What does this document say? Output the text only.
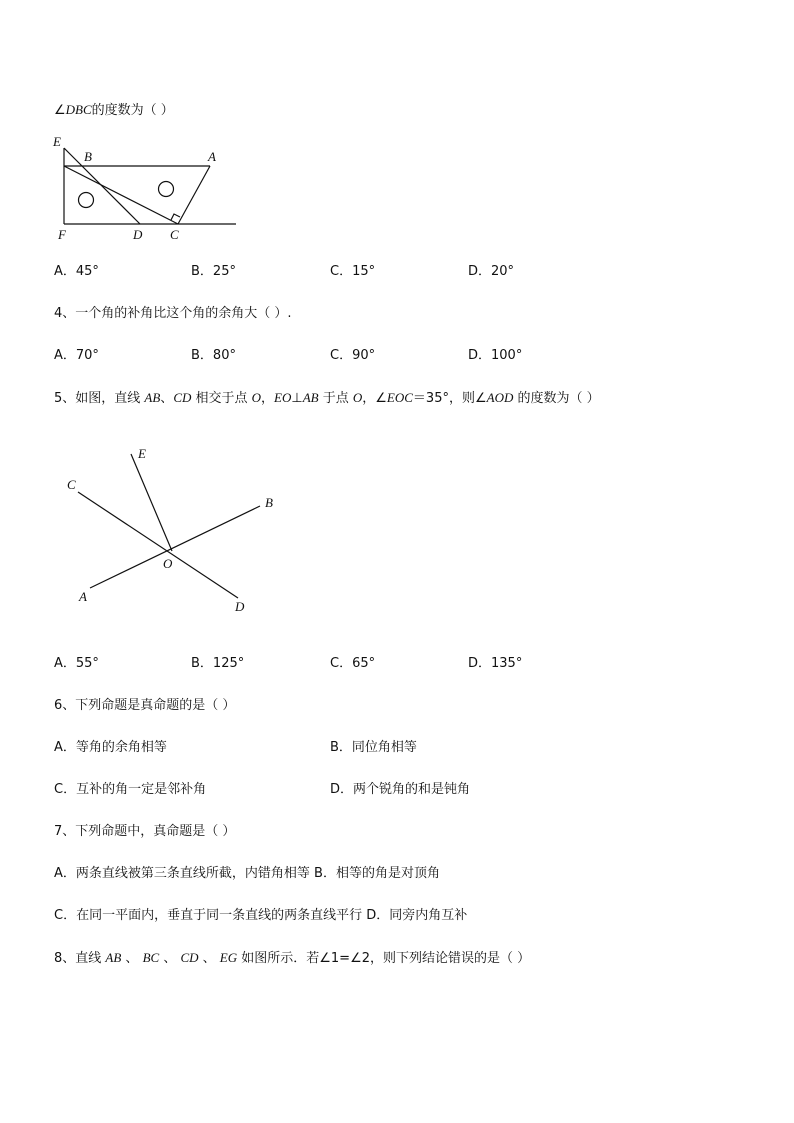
∠DBC的度数为（ ）
E
B	A
F	D C
A．45°	B．25°	C．15°	D．20°
4、一个角的补角比这个角的余角大（ ）.
A．70°	B．80°	C．90°	D．100°
5、如图，直线 AB、CD 相交于点 O，EO⊥AB 于点 O，∠EOC＝35°，则∠AOD 的度数为（ ）
E
C
B
O
A
D
A．55°	B．125°	C．65°	D．135°
6、下列命题是真命题的是（ ）
A．等角的余角相等	B．同位角相等
C．互补的角一定是邻补角	D．两个锐角的和是钝角
7、下列命题中，真命题是（ ）
A．两条直线被第三条直线所截，内错角相等 B．相等的角是对顶角
C．在同一平面内，垂直于同一条直线的两条直线平行 D．同旁内角互补
8、直线 AB 、 BC 、 CD 、 EG 如图所示．若∠1=∠2，则下列结论错误的是（ ）
